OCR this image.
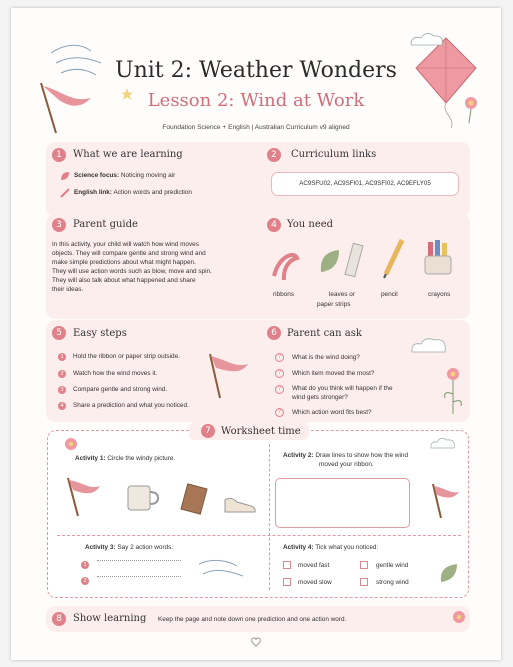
Unit 2: Weather Wonders
Lesson 2: Wind at Work
Foundation Science + English | Australian Curriculum v9 aligned
1	What we are learning
Science focus: Noticing moving air
English link: Action words and prediction
2	Curriculum links
AC9SFU02, AC9SFI01, AC9SFI02, AC9EFLY05
3	Parent guide
In this activity, your child will watch how wind moves
objects. They will compare gentle and strong wind and
make simple predictions about what might happen.
They will use action words such as blow, move and spin.
They will also talk about what happened and share
their ideas.
4	You need
ribbons	leaves or
paper strips
pencil	crayons
5	Easy steps
1	Hold the ribbon or paper strip outside.
2	Watch how the wind moves it.
3	Compare gentle and strong wind.
4	Share a prediction and what you noticed.
6	Parent can ask
?	What is the wind doing?
?	Which item moved the most?
?	What do you think will happen if the
wind gets stronger?
?	Which action word fits best?
7	Worksheet time
Activity 1: Circle the windy picture.	Activity 2: Draw lines to show how the wind
moved your ribbon.
Activity 3: Say 2 action words.
1
2
Activity 4: Tick what you noticed:
moved fast	gentle wind
moved slow	strong wind
8	Show learning Keep the page and note down one prediction and one action word.
